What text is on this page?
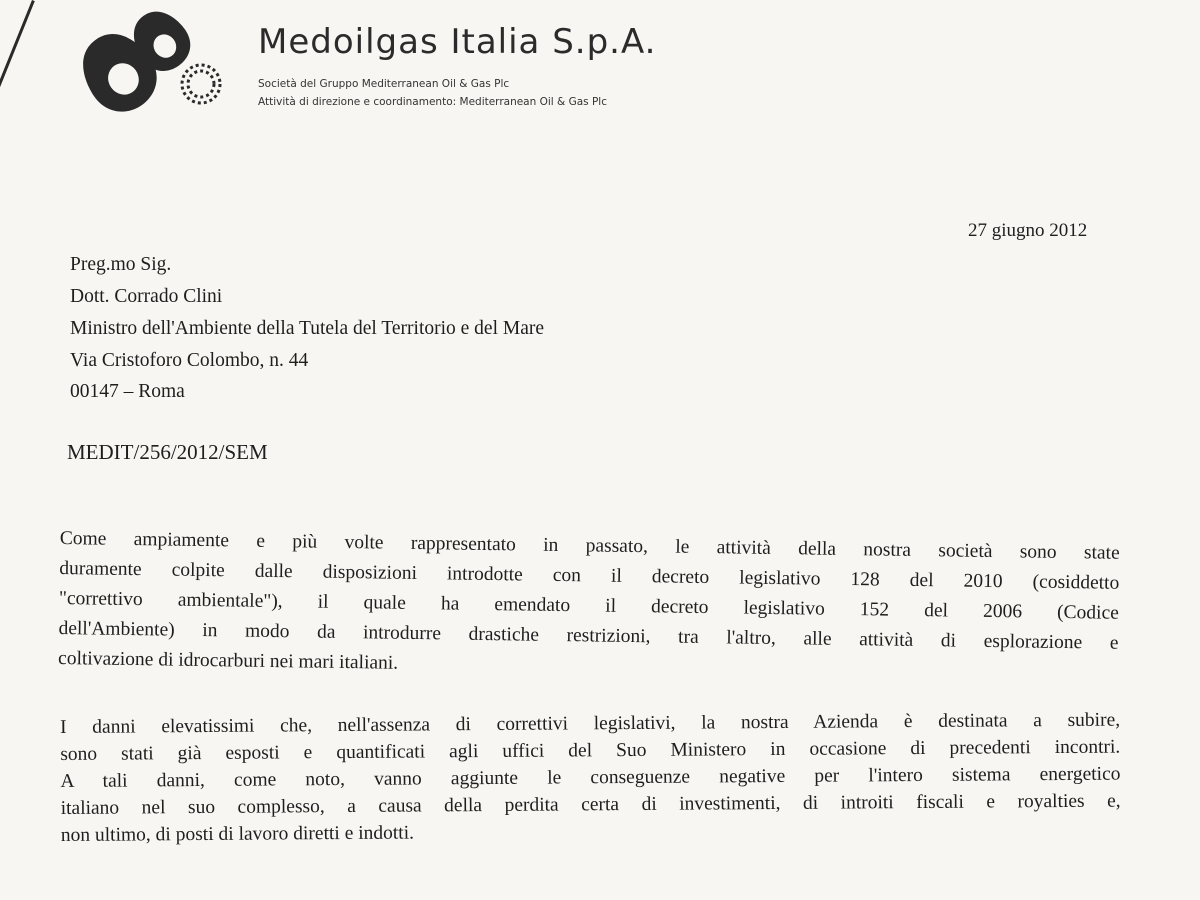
Medoilgas Italia S.p.A.
Società del Gruppo Mediterranean Oil & Gas Plc
Attività di direzione e coordinamento: Mediterranean Oil & Gas Plc
27 giugno 2012
Preg.mo Sig.
Dott. Corrado Clini
Ministro dell'Ambiente della Tutela del Territorio e del Mare
Via Cristoforo Colombo, n. 44
00147 – Roma
MEDIT/256/2012/SEM
Come ampiamente e più volte rappresentato in passato, le attività della nostra società sono state
duramente colpite dalle disposizioni introdotte con il decreto legislativo 128 del 2010 (cosiddetto
"correttivo ambientale"), il quale ha emendato il decreto legislativo 152 del 2006 (Codice
dell'Ambiente) in modo da introdurre drastiche restrizioni, tra l'altro, alle attività di esplorazione e
coltivazione di idrocarburi nei mari italiani.
I danni elevatissimi che, nell'assenza di correttivi legislativi, la nostra Azienda è destinata a subire,
sono stati già esposti e quantificati agli uffici del Suo Ministero in occasione di precedenti incontri.
A tali danni, come noto, vanno aggiunte le conseguenze negative per l'intero sistema energetico
italiano nel suo complesso, a causa della perdita certa di investimenti, di introiti fiscali e royalties e,
non ultimo, di posti di lavoro diretti e indotti.
